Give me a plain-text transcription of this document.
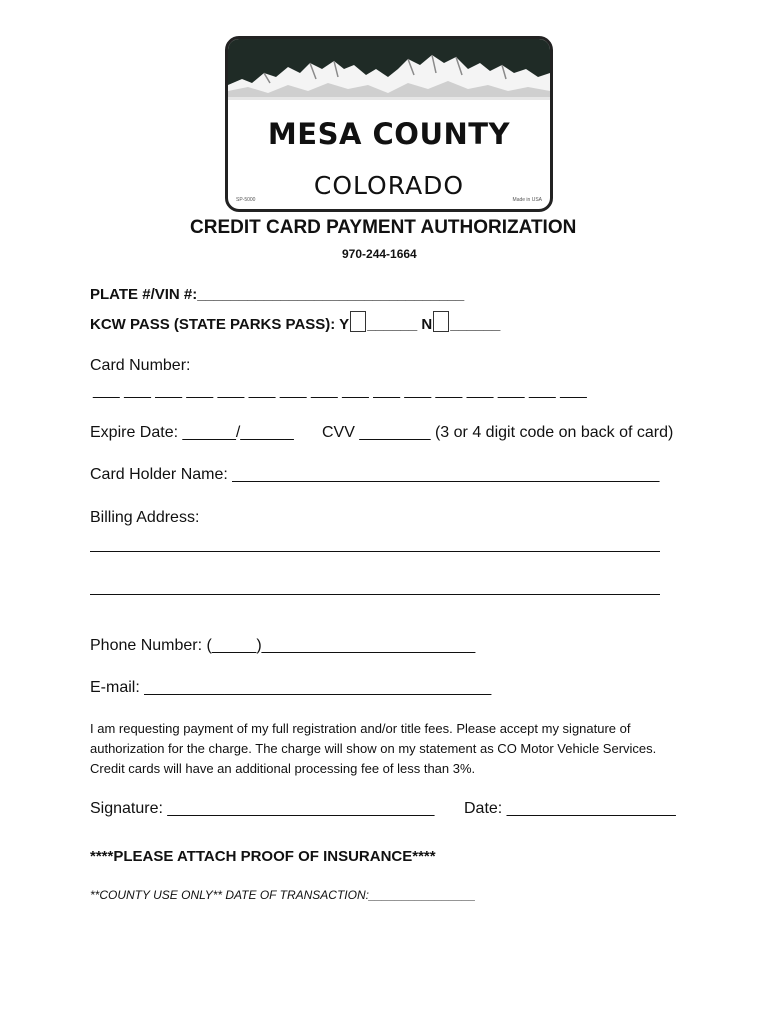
MESA COUNTY
COLORADO
SP-5000	Made in USA
CREDIT CARD PAYMENT AUTHORIZATION
970-244-1664
PLATE #/VIN #:________________________________
KCW PASS (STATE PARKS PASS): Y ______ N ______
Card Number:
___ ___ ___ ___ ___ ___ ___ ___ ___ ___ ___ ___ ___ ___ ___ ___
Expire Date: ______/______ CVV ________ (3 or 4 digit code on back of card)
Card Holder Name: ________________________________________________
Billing Address:
Phone Number: (_____)________________________
E-mail: _______________________________________
I am requesting payment of my full registration and/or title fees. Please accept my signature of authorization for the charge. The charge will show on my statement as CO Motor Vehicle Services. Credit cards will have an additional processing fee of less than 3%.
Signature: ______________________________ Date: ___________________
****PLEASE ATTACH PROOF OF INSURANCE****
**COUNTY USE ONLY** DATE OF TRANSACTION:________________
